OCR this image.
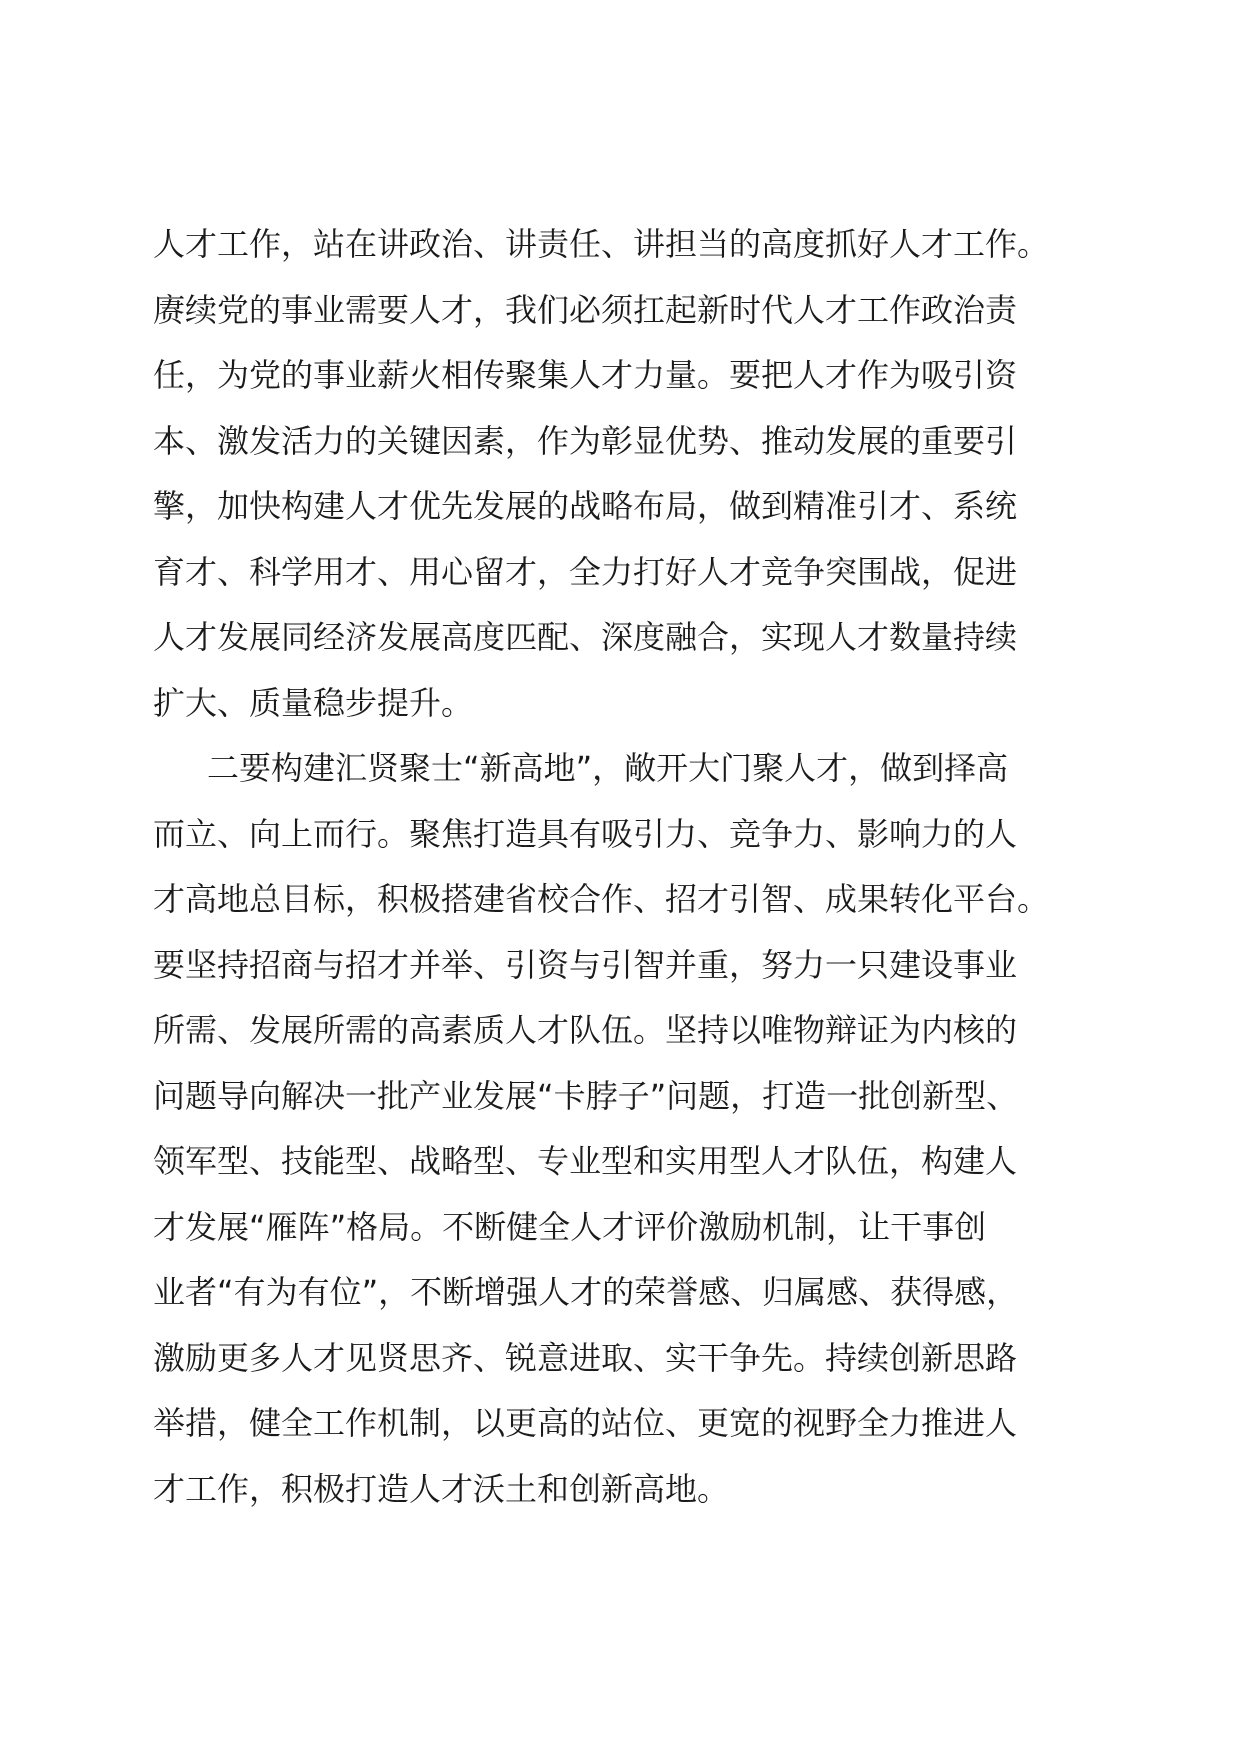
人才工作，站在讲政治、讲责任、讲担当的高度抓好人才工作。
赓续党的事业需要人才，我们必须扛起新时代人才工作政治责
任，为党的事业薪火相传聚集人才力量。要把人才作为吸引资
本、激发活力的关键因素，作为彰显优势、推动发展的重要引
擎，加快构建人才优先发展的战略布局，做到精准引才、系统
育才、科学用才、用心留才，全力打好人才竞争突围战，促进
人才发展同经济发展高度匹配、深度融合，实现人才数量持续
扩大、质量稳步提升。
二要构建汇贤聚士“新高地”，敞开大门聚人才，做到择高
而立、向上而行。聚焦打造具有吸引力、竞争力、影响力的人
才高地总目标，积极搭建省校合作、招才引智、成果转化平台。
要坚持招商与招才并举、引资与引智并重，努力一只建设事业
所需、发展所需的高素质人才队伍。坚持以唯物辩证为内核的
问题导向解决一批产业发展“卡脖子”问题，打造一批创新型、
领军型、技能型、战略型、专业型和实用型人才队伍，构建人
才发展“雁阵”格局。不断健全人才评价激励机制，让干事创
业者“有为有位”，不断增强人才的荣誉感、归属感、获得感，
激励更多人才见贤思齐、锐意进取、实干争先。持续创新思路
举措，健全工作机制，以更高的站位、更宽的视野全力推进人
才工作，积极打造人才沃土和创新高地。
